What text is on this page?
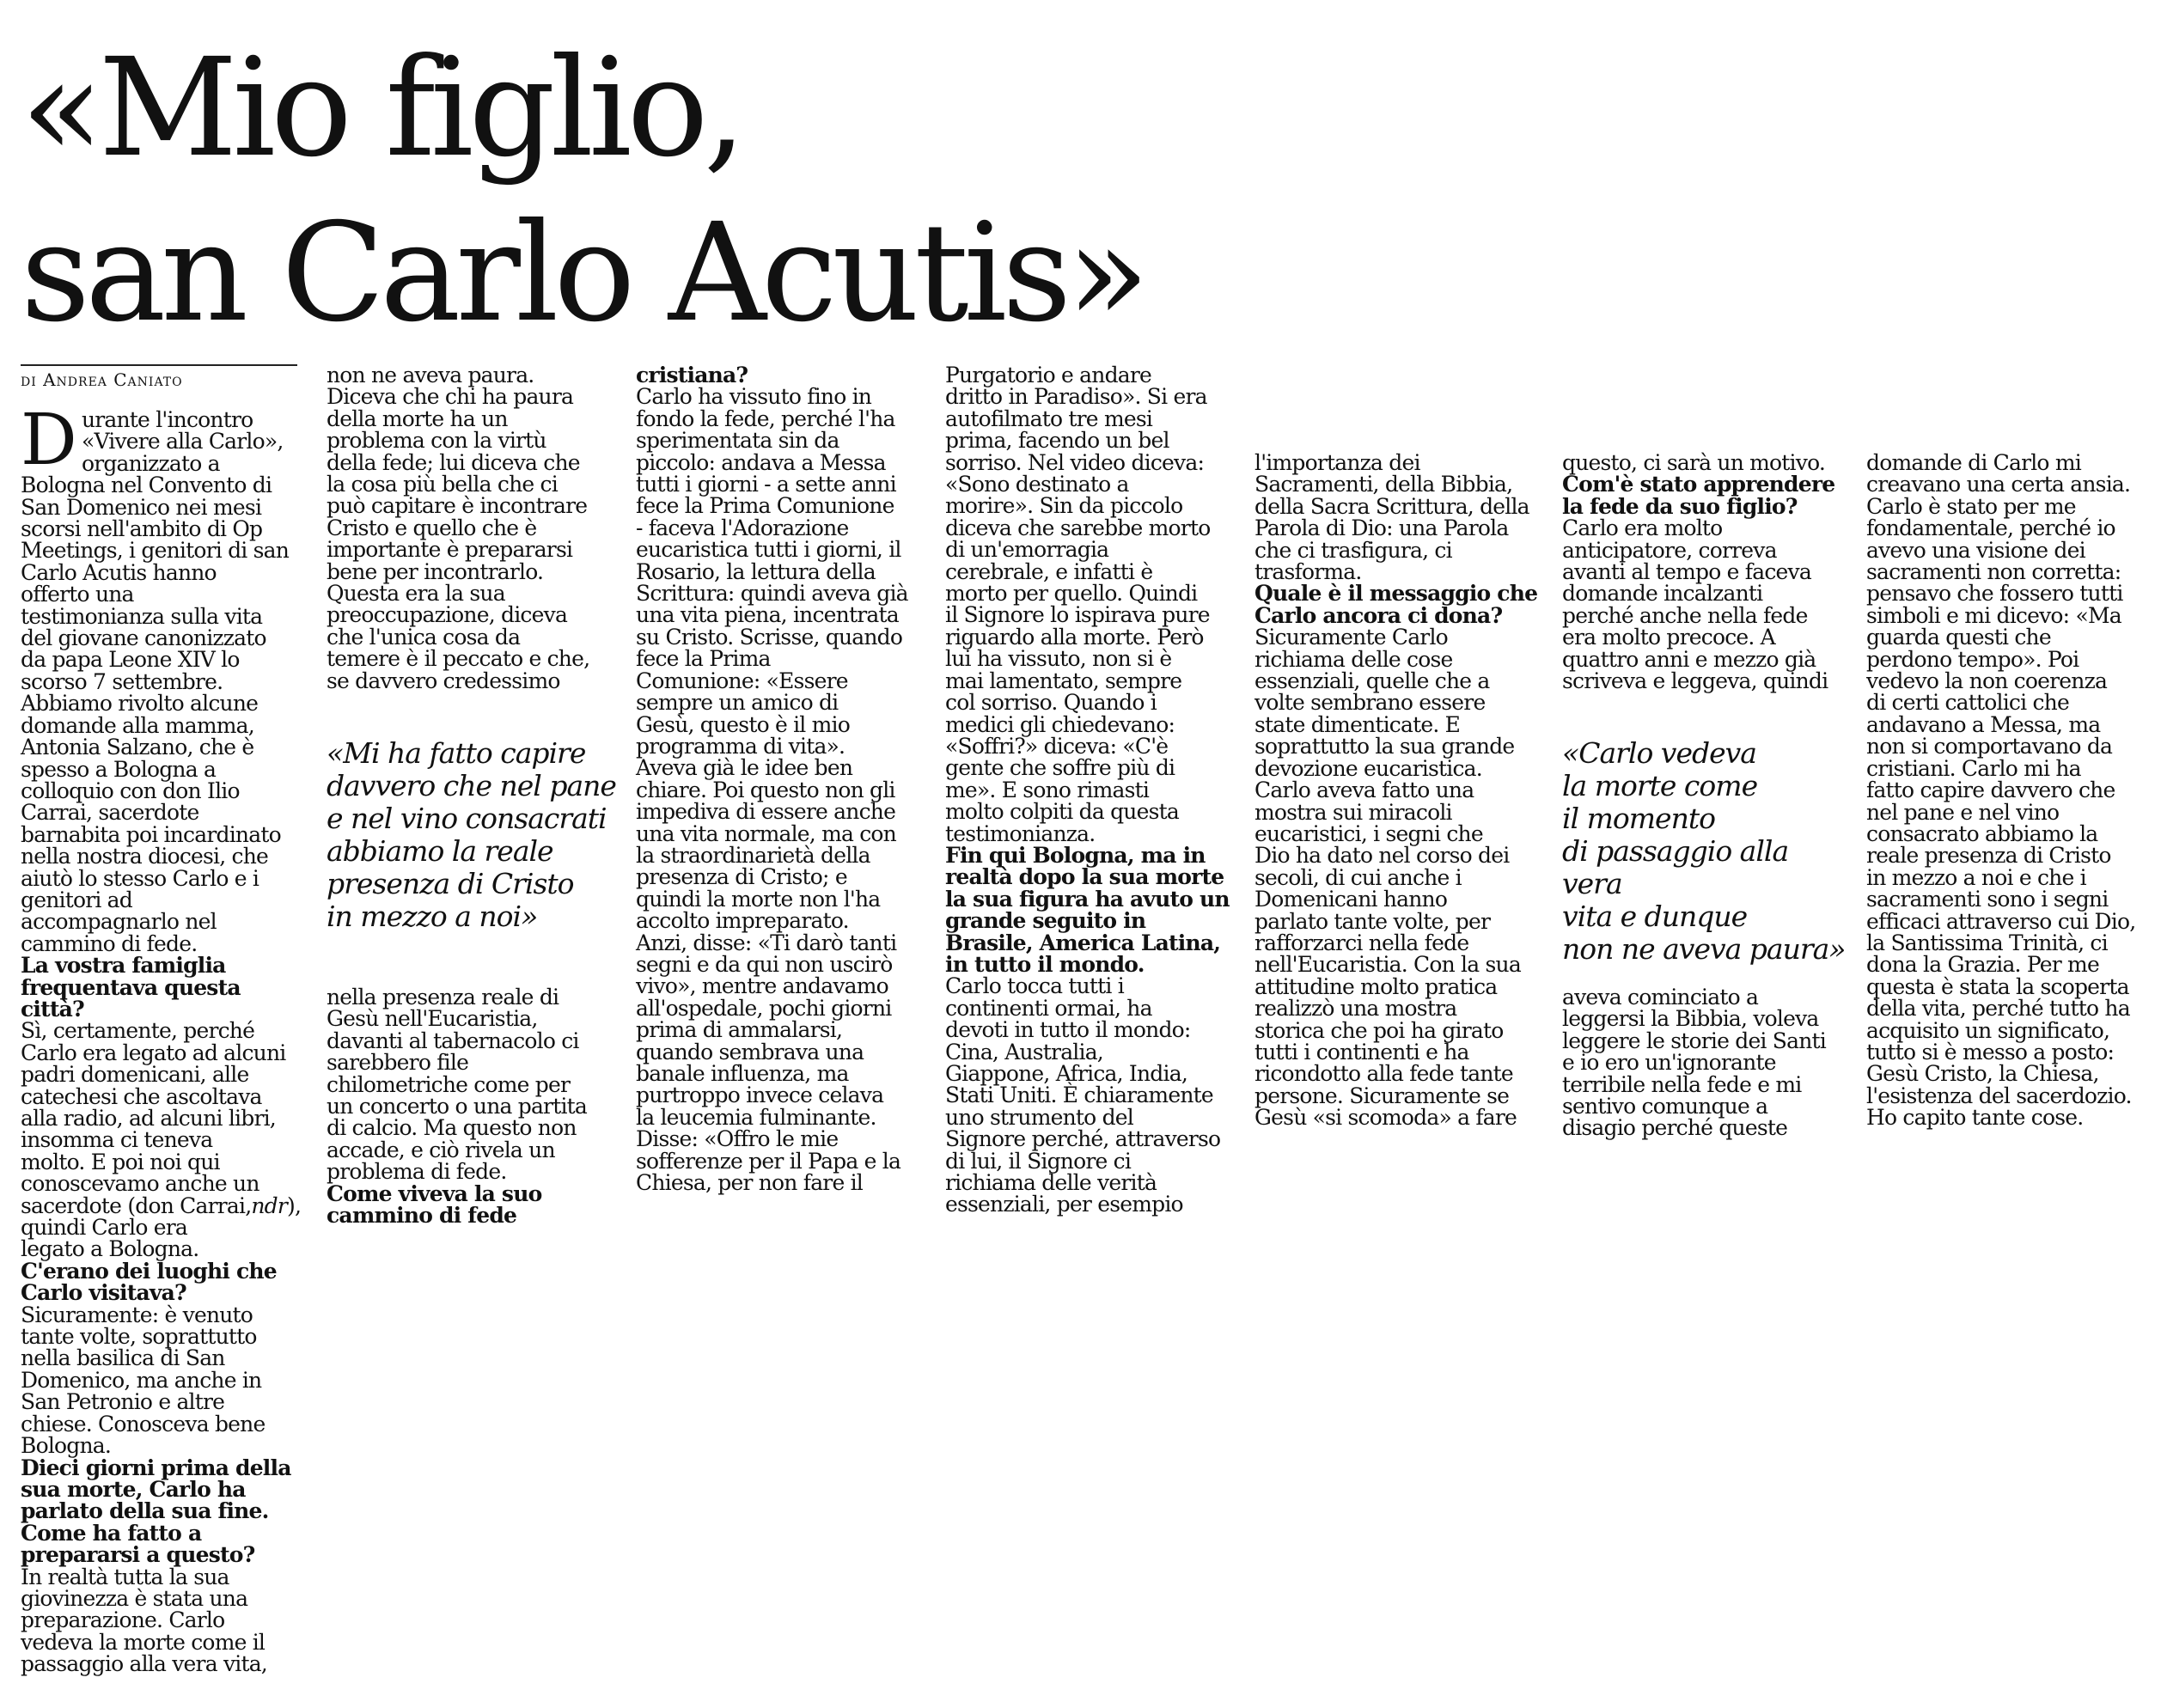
«Mio figlio,
san Carlo Acutis»
di Andrea Caniato

Durante l'incontro
«Vivere alla Carlo»,
organizzato a
Bologna nel Convento di
San Domenico nei mesi
scorsi nell'ambito di Op
Meetings, i genitori di san
Carlo Acutis hanno
offerto una
testimonianza sulla vita
del giovane canonizzato
da papa Leone XIV lo
scorso 7 settembre.
Abbiamo rivolto alcune
domande alla mamma,
Antonia Salzano, che è
spesso a Bologna a
colloquio con don Ilio
Carrai, sacerdote
barnabita poi incardinato
nella nostra diocesi, che
aiutò lo stesso Carlo e i
genitori ad
accompagnarlo nel
cammino di fede.

La vostra famiglia
frequentava questa città?

Sì, certamente, perché
Carlo era legato ad alcuni
padri domenicani, alle
catechesi che ascoltava
alla radio, ad alcuni libri,
insomma ci teneva
molto. E poi noi qui
conoscevamo anche un
sacerdote (don Carrai,ndr), quindi Carlo era
legato a Bologna.

C'erano dei luoghi che
Carlo visitava?

Sicuramente: è venuto
tante volte, soprattutto
nella basilica di San
Domenico, ma anche in
San Petronio e altre
chiese. Conosceva bene
Bologna.

Dieci giorni prima della
sua morte, Carlo ha
parlato della sua fine.
Come ha fatto a
prepararsi a questo?

In realtà tutta la sua
giovinezza è stata una
preparazione. Carlo
vedeva la morte come il
passaggio alla vera vita,

non ne aveva paura.
Diceva che chi ha paura
della morte ha un
problema con la virtù
della fede; lui diceva che
la cosa più bella che ci
può capitare è incontrare
Cristo e quello che è
importante è prepararsi
bene per incontrarlo.
Questa era la sua
preoccupazione, diceva
che l'unica cosa da
temere è il peccato e che,
se davvero credessimo

«Mi ha fatto capire
davvero che nel pane
e nel vino consacrati
abbiamo la reale
presenza di Cristo
in mezzo a noi»

nella presenza reale di
Gesù nell'Eucaristia,
davanti al tabernacolo ci
sarebbero file
chilometriche come per
un concerto o una partita
di calcio. Ma questo non
accade, e ciò rivela un
problema di fede.

Come viveva la suo
cammino di fede

cristiana?

Carlo ha vissuto fino in
fondo la fede, perché l'ha
sperimentata sin da
piccolo: andava a Messa
tutti i giorni - a sette anni
fece la Prima Comunione
- faceva l'Adorazione
eucaristica tutti i giorni, il
Rosario, la lettura della
Scrittura: quindi aveva già
una vita piena, incentrata
su Cristo. Scrisse, quando
fece la Prima
Comunione: «Essere
sempre un amico di
Gesù, questo è il mio
programma di vita».
Aveva già le idee ben
chiare. Poi questo non gli
impediva di essere anche
una vita normale, ma con
la straordinarietà della
presenza di Cristo; e
quindi la morte non l'ha
accolto impreparato.
Anzi, disse: «Ti darò tanti
segni e da qui non uscirò
vivo», mentre andavamo
all'ospedale, pochi giorni
prima di ammalarsi,
quando sembrava una
banale influenza, ma
purtroppo invece celava
la leucemia fulminante.
Disse: «Offro le mie
sofferenze per il Papa e la
Chiesa, per non fare il

Purgatorio e andare
dritto in Paradiso». Si era
autofilmato tre mesi
prima, facendo un bel
sorriso. Nel video diceva:
«Sono destinato a
morire». Sin da piccolo
diceva che sarebbe morto
di un'emorragia
cerebrale, e infatti è
morto per quello. Quindi
il Signore lo ispirava pure
riguardo alla morte. Però
lui ha vissuto, non si è
mai lamentato, sempre
col sorriso. Quando i
medici gli chiedevano:
«Soffri?» diceva: «C'è
gente che soffre più di
me». E sono rimasti
molto colpiti da questa
testimonianza.

Fin qui Bologna, ma in
realtà dopo la sua morte
la sua figura ha avuto un
grande seguito in
Brasile, America Latina,
in tutto il mondo.

Carlo tocca tutti i
continenti ormai, ha
devoti in tutto il mondo:
Cina, Australia,
Giappone, Africa, India,
Stati Uniti. È chiaramente
uno strumento del
Signore perché, attraverso
di lui, il Signore ci
richiama delle verità
essenziali, per esempio

l'importanza dei
Sacramenti, della Bibbia,
della Sacra Scrittura, della
Parola di Dio: una Parola
che ci trasfigura, ci
trasforma.

Quale è il messaggio che
Carlo ancora ci dona?

Sicuramente Carlo
richiama delle cose
essenziali, quelle che a
volte sembrano essere
state dimenticate. E
soprattutto la sua grande
devozione eucaristica.
Carlo aveva fatto una
mostra sui miracoli
eucaristici, i segni che
Dio ha dato nel corso dei
secoli, di cui anche i
Domenicani hanno
parlato tante volte, per
rafforzarci nella fede
nell'Eucaristia. Con la sua
attitudine molto pratica
realizzò una mostra
storica che poi ha girato
tutti i continenti e ha
ricondotto alla fede tante
persone. Sicuramente se
Gesù «si scomoda» a fare

questo, ci sarà un motivo.

Com'è stato apprendere
la fede da suo figlio?

Carlo era molto
anticipatore, correva
avanti al tempo e faceva
domande incalzanti
perché anche nella fede
era molto precoce. A
quattro anni e mezzo già
scriveva e leggeva, quindi

«Carlo vedeva
la morte come
il momento
di passaggio alla vera
vita e dunque
non ne aveva paura»

aveva cominciato a
leggersi la Bibbia, voleva
leggere le storie dei Santi
e io ero un'ignorante
terribile nella fede e mi
sentivo comunque a
disagio perché queste

domande di Carlo mi
creavano una certa ansia.
Carlo è stato per me
fondamentale, perché io
avevo una visione dei
sacramenti non corretta:
pensavo che fossero tutti
simboli e mi dicevo: «Ma
guarda questi che
perdono tempo». Poi
vedevo la non coerenza
di certi cattolici che
andavano a Messa, ma
non si comportavano da
cristiani. Carlo mi ha
fatto capire davvero che
nel pane e nel vino
consacrato abbiamo la
reale presenza di Cristo
in mezzo a noi e che i
sacramenti sono i segni
efficaci attraverso cui Dio,
la Santissima Trinità, ci
dona la Grazia. Per me
questa è stata la scoperta
della vita, perché tutto ha
acquisito un significato,
tutto si è messo a posto:
Gesù Cristo, la Chiesa,
l'esistenza del sacerdozio.
Ho capito tante cose.
